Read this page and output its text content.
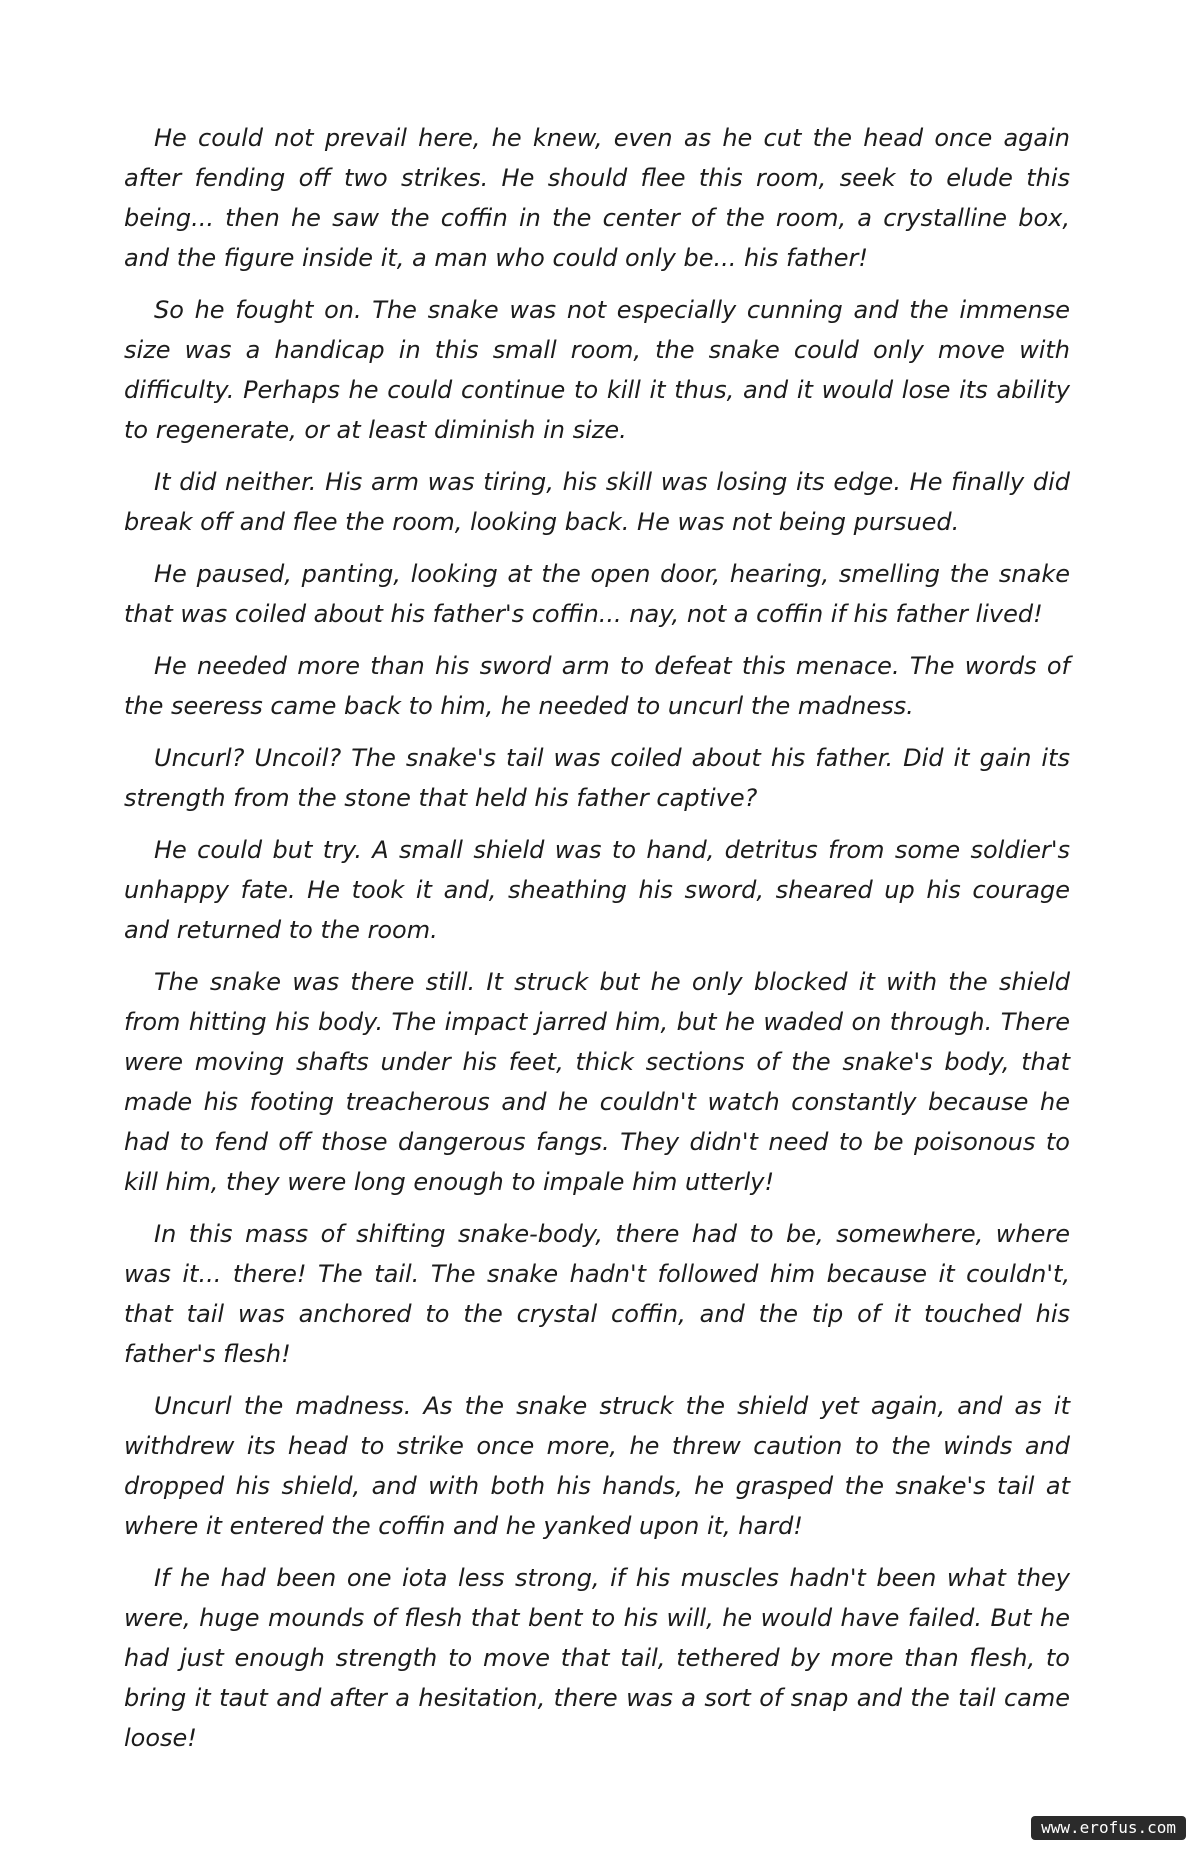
He could not prevail here, he knew, even as he cut the head once again after fending off two strikes. He should flee this room, seek to elude this being... then he saw the coffin in the center of the room, a crystalline box, and the figure inside it, a man who could only be... his father!

So he fought on. The snake was not especially cunning and the immense size was a handicap in this small room, the snake could only move with difficulty. Perhaps he could continue to kill it thus, and it would lose its ability to regenerate, or at least diminish in size.

It did neither. His arm was tiring, his skill was losing its edge. He finally did break off and flee the room, looking back. He was not being pursued.

He paused, panting, looking at the open door, hearing, smelling the snake that was coiled about his father's coffin... nay, not a coffin if his father lived!

He needed more than his sword arm to defeat this menace. The words of the seeress came back to him, he needed to uncurl the madness.

Uncurl? Uncoil? The snake's tail was coiled about his father. Did it gain its strength from the stone that held his father captive?

He could but try. A small shield was to hand, detritus from some soldier's unhappy fate. He took it and, sheathing his sword, sheared up his courage and returned to the room.

The snake was there still. It struck but he only blocked it with the shield from hitting his body. The impact jarred him, but he waded on through. There were moving shafts under his feet, thick sections of the snake's body, that made his footing treacherous and he couldn't watch constantly because he had to fend off those dangerous fangs. They didn't need to be poisonous to kill him, they were long enough to impale him utterly!

In this mass of shifting snake-body, there had to be, somewhere, where was it... there! The tail. The snake hadn't followed him because it couldn't, that tail was anchored to the crystal coffin, and the tip of it touched his father's flesh!

Uncurl the madness. As the snake struck the shield yet again, and as it withdrew its head to strike once more, he threw caution to the winds and dropped his shield, and with both his hands, he grasped the snake's tail at where it entered the coffin and he yanked upon it, hard!

If he had been one iota less strong, if his muscles hadn't been what they were, huge mounds of flesh that bent to his will, he would have failed. But he had just enough strength to move that tail, tethered by more than flesh, to bring it taut and after a hesitation, there was a sort of snap and the tail came loose!

www.erofus.com
